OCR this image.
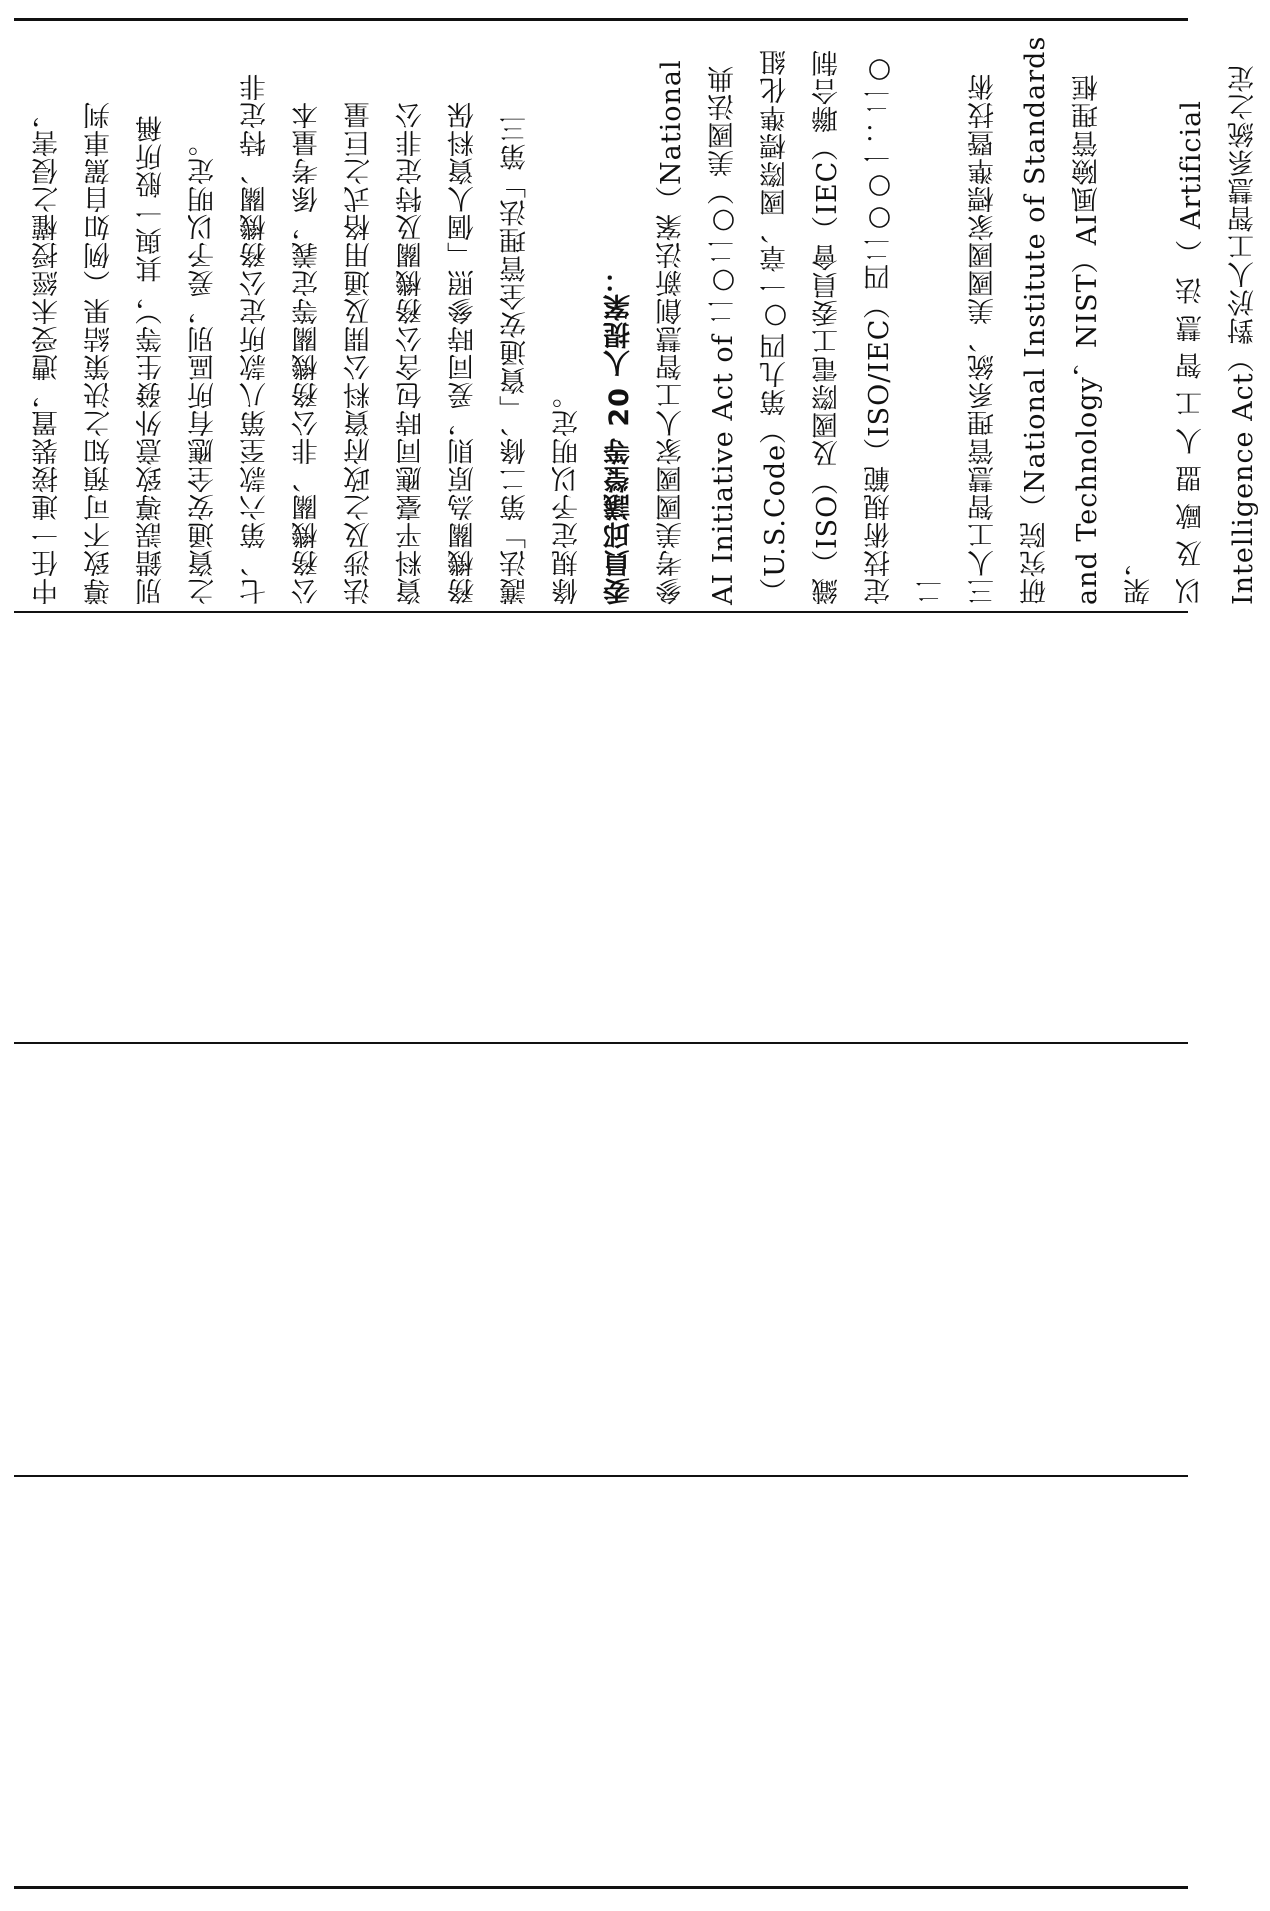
中任一連接裝置，遭受未經授權之侵害， 導致不可預知之決策結果（例如自駕車判 別錯誤導致意外發生等），其與一般所稱 之資通安全應有所區別，爰予以明定。 七、第六款至第八款所定公務機關、特定非 公務機關、非公務機關等定義，係考量本 法涉及之政府資料公開及通用格式之巨量 資料平臺應同時包含公務機關及特定非公 務機關為原則，爰同時參照「個人資料保 護法」第二條、「資通安全管理法」第三 條規定予以明定。 委員邱議瑩等 20 人提案： 參考美國國家人工智慧創新法案（National AI Initiative Act of 二○二○）美國法典 （U.S.Code）第九四○一章、國際標準化組 織（ISO）及國際電工委員會（IEC）聯合制 定技術規範（ISO/IEC）四二○○一：二○二 三人工智慧管理系統、美國國家標準暨技術 研究院（National Institute of Standards and Technology，NIST）AI風險管理框架， 以 及 歐 盟 人 工 智 慧 法 （ Artificial Intelligence Act）對於人工智慧系統之定
